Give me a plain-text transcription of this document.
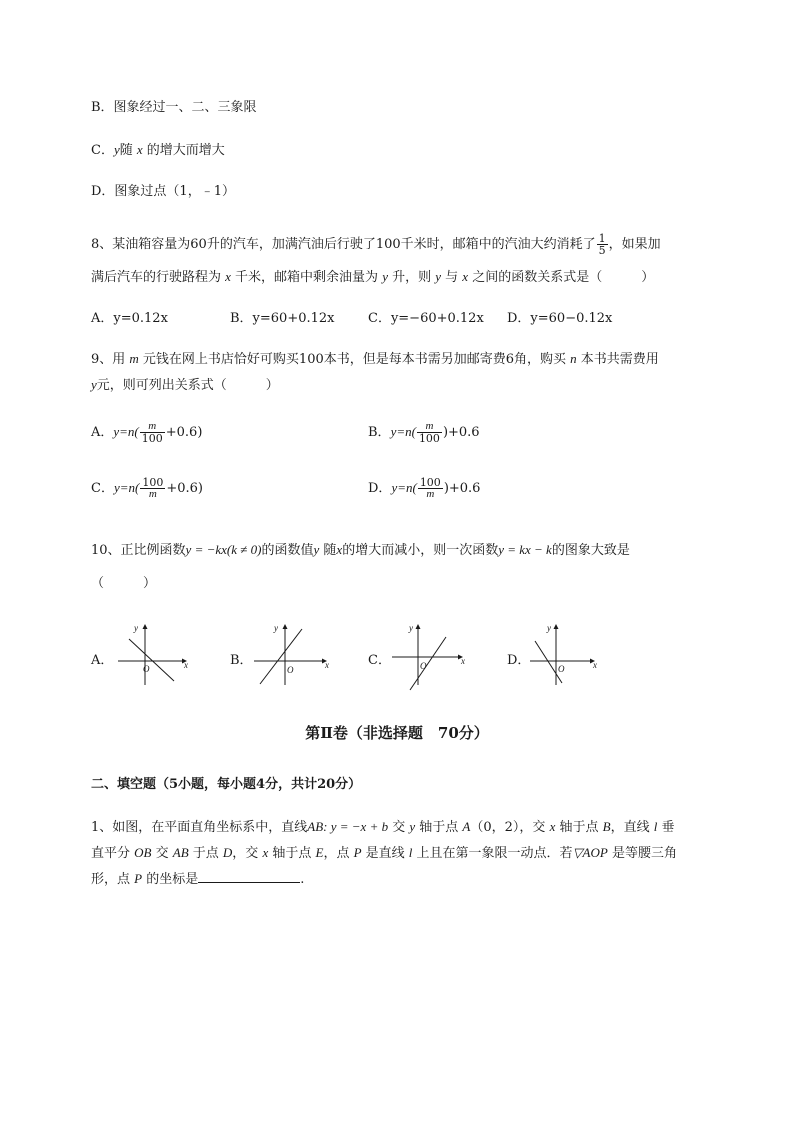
B．图象经过一、二、三象限
C．y随 x 的增大而增大
D．图象过点（1，﹣1）
8、某油箱容量为60升的汽车，加满汽油后行驶了100千米时，邮箱中的汽油大约消耗了 $\frac{1}{5}$ ，如果加
满后汽车的行驶路程为 x 千米，邮箱中剩余油量为 y 升，则 y 与 x 之间的函数关系式是（　　　）
A．y=0.12x	B．y=60+0.12x	C．y=−60+0.12x D．y=60−0.12x
9、用 m 元钱在网上书店恰好可购买100本书，但是每本书需另加邮寄费6角，购买 n 本书共需费用
y元，则可列出关系式（　　　）
A．$y=n( \frac{m}{100} +0.6)$	B．$y=n( \frac{m}{100} )+0.6$
C．$y=n( \frac{100}{m} +0.6)$	D．$y=n( \frac{100}{m} )+0.6$
10、正比例函数y = −kx(k ≠ 0)的函数值y 随x的增大而减小，则一次函数y = kx − k的图象大致是
（　　　）
A．	x
y
O
B．	x
y
O
C．	x
y
O	D．	x
y
O
第Ⅱ卷（非选择题　70分）
二、填空题（5小题，每小题4分，共计20分）
1、如图，在平面直角坐标系中，直线AB: y = −x + b 交 y 轴于点 A（0，2），交 x 轴于点 B，直线 l 垂
直平分 OB 交 AB 于点 D，交 x 轴于点 E，点 P 是直线 l 上且在第一象限一动点．若▽AOP 是等腰三角
形，点 P 的坐标是	.
